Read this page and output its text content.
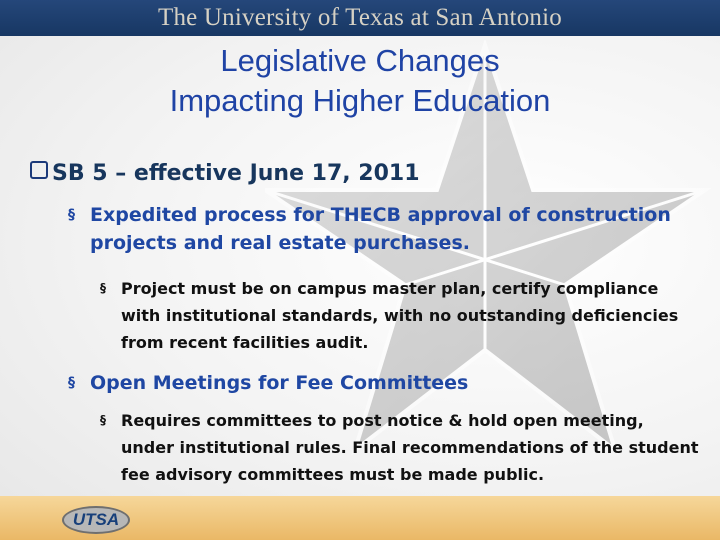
The University of Texas at San Antonio
Legislative Changes
Impacting Higher Education
SB 5 – effective June 17, 2011
§ Expedited process for THECB approval of construction projects and real estate purchases.
§ Project must be on campus master plan, certify compliance with institutional standards, with no outstanding deficiencies from recent facilities audit.
§ Open Meetings for Fee Committees
§ Requires committees to post notice & hold open meeting, under institutional rules. Final recommendations of the student fee advisory committees must be made public.
UTSA
